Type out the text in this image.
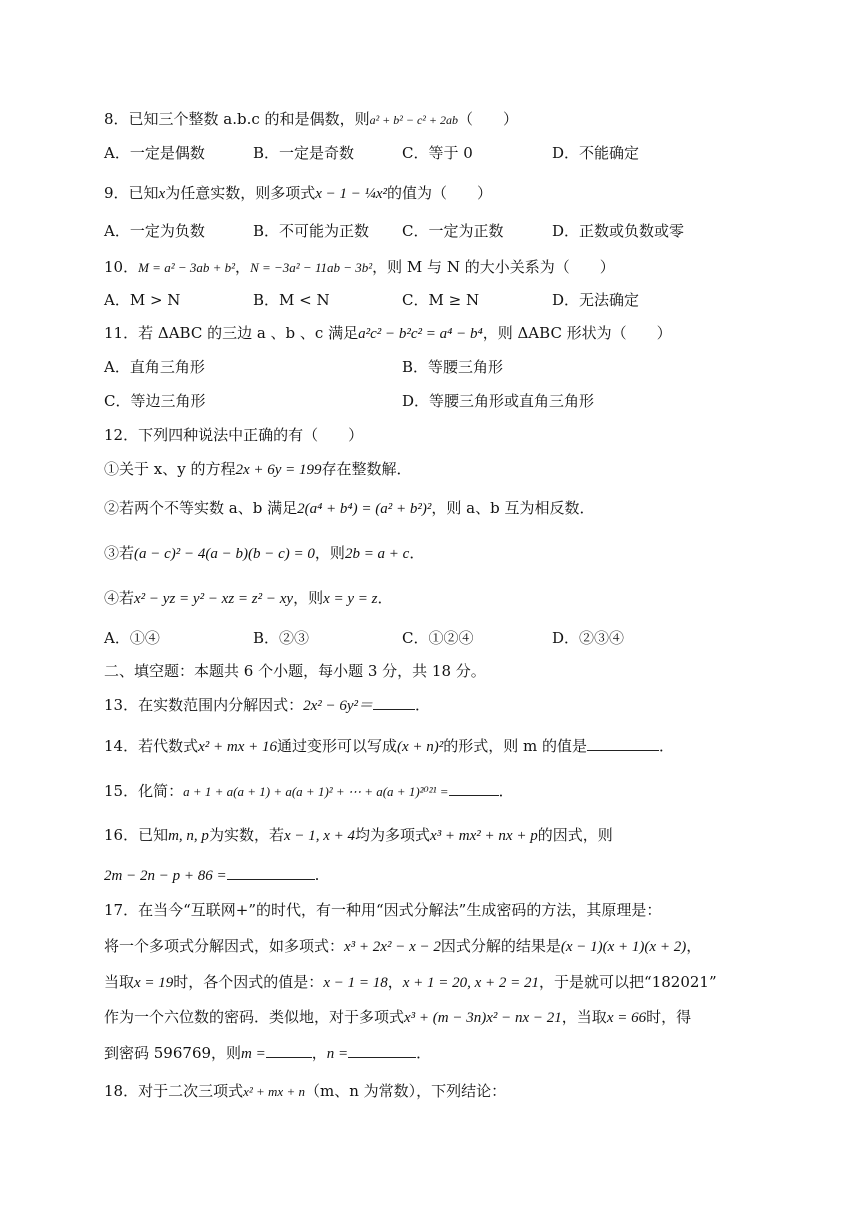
8．已知三个整数 a.b.c 的和是偶数，则a² + b² − c² + 2ab（　　）
A．一定是偶数	B．一定是奇数	C．等于 0	D．不能确定
9．已知x为任意实数，则多项式x − 1 − ¼x²的值为（　　）
A．一定为负数	B．不可能为正数 C．一定为正数	D．正数或负数或零
10．M = a² − 3ab + b²，N = −3a² − 11ab − 3b²，则 M 与 N 的大小关系为（　　）
A．M > N	B．M < N	C．M ≥ N	D．无法确定
11．若 ΔABC 的三边 a 、b 、c 满足a²c² − b²c² = a⁴ − b⁴，则 ΔABC 形状为（　　）
A．直角三角形	B．等腰三角形
C．等边三角形	D．等腰三角形或直角三角形
12．下列四种说法中正确的有（　　）
①关于 x、y 的方程2x + 6y = 199存在整数解．
②若两个不等实数 a、b 满足2(a⁴ + b⁴) = (a² + b²)²，则 a、b 互为相反数．
③若(a − c)² − 4(a − b)(b − c) = 0，则2b = a + c．
④若x² − yz = y² − xz = z² − xy，则x = y = z．
A．①④	B．②③	C．①②④	D．②③④
二、填空题：本题共 6 个小题，每小题 3 分，共 18 分。
13．在实数范围内分解因式：2x² − 6y²＝	．
14．若代数式x² + mx + 16通过变形可以写成(x + n)²的形式，则 m 的值是	．
15．化简：a + 1 + a(a + 1) + a(a + 1)² + ⋯ + a(a + 1)²⁰²¹ =	．
16．已知m, n, p为实数，若x − 1, x + 4均为多项式x³ + mx² + nx + p的因式，则
2m − 2n − p + 86 =	.
17．在当今“互联网+”的时代，有一种用“因式分解法”生成密码的方法，其原理是：
将一个多项式分解因式，如多项式：x³ + 2x² − x − 2因式分解的结果是(x − 1)(x + 1)(x + 2)，
当取x = 19时，各个因式的值是：x − 1 = 18，x + 1 = 20, x + 2 = 21，于是就可以把“182021”
作为一个六位数的密码．类似地，对于多项式x³ + (m − 3n)x² − nx − 21，当取x = 66时，得
到密码 596769，则m =	，n =	．
18．对于二次三项式x² + mx + n（m、n 为常数），下列结论：
